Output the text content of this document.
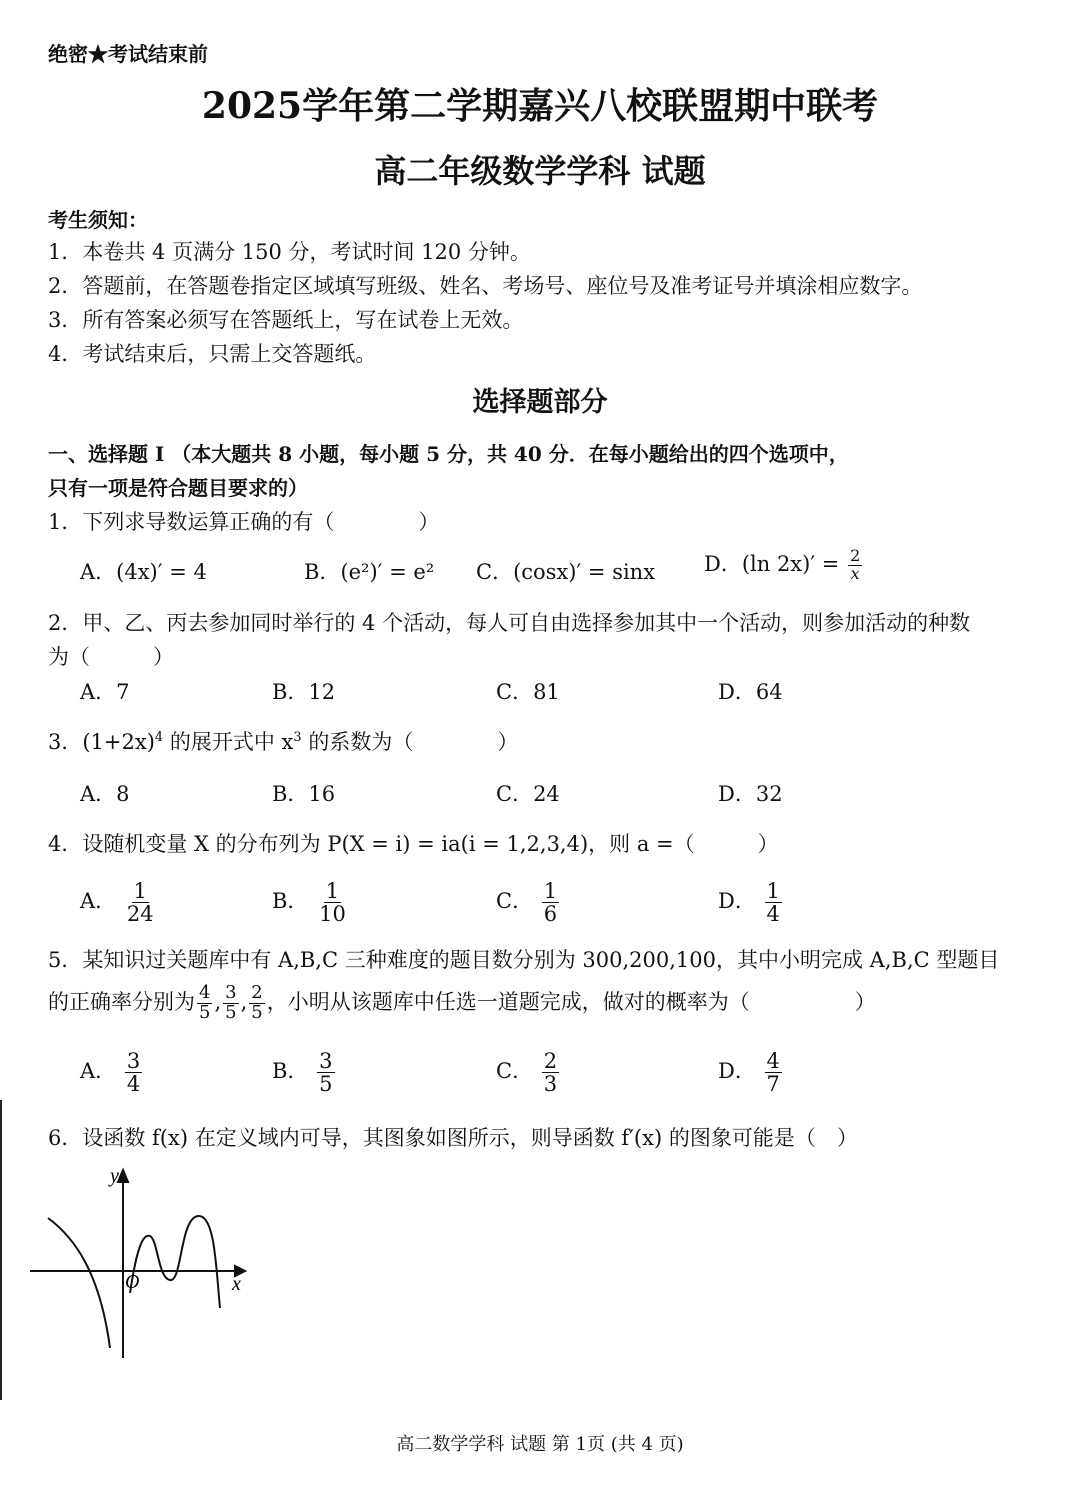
绝密★考试结束前
2025学年第二学期嘉兴八校联盟期中联考
高二年级数学学科 试题
考生须知：
1．本卷共 4 页满分 150 分，考试时间 120 分钟。
2．答题前，在答题卷指定区域填写班级、姓名、考场号、座位号及准考证号并填涂相应数字。
3．所有答案必须写在答题纸上，写在试卷上无效。
4．考试结束后，只需上交答题纸。
选择题部分
一、选择题 I （本大题共 8 小题，每小题 5 分，共 40 分．在每小题给出的四个选项中，
只有一项是符合题目要求的）
1．下列求导数运算正确的有（　　　　）
A．(4x)′ = 4	B．(e²)′ = e² C．(cosx)′ = sinx D．(ln $2x)' = \frac{2}{x}$
2．甲、乙、丙去参加同时举行的 4 个活动，每人可自由选择参加其中一个活动，则参加活动的种数
为（　　　）
A．7	B．12	C．81	D．64
3．$(1+2x)^4$ 的展开式中 $x^3$ 的系数为（　　　　）
A．8	B．16	C．24	D．32
4．设随机变量 X 的分布列为 P(X = i) = ia(i = 1,2,3,4)，则 a =（　　　）
A． $\frac{1}{24}$	B． $\frac{1}{10}$	C． $\frac{1}{6}$	D． $\frac{1}{4}$
5．某知识过关题库中有 A,B,C 三种难度的题目数分别为 300,200,100，其中小明完成 A,B,C 型题目
的正确率分别为 $\frac{4}{5}$ , $\frac{3}{5}$ , $\frac{2}{5}$ ，小明从该题库中任选一道题完成，做对的概率为（　　　　　）
A． $\frac{3}{4}$	B． $\frac{3}{5}$	C． $\frac{2}{3}$	D． $\frac{4}{7}$
6．设函数 f(x) 在定义域内可导，其图象如图所示，则导函数 f′(x) 的图象可能是（　）
y
x
O
高二数学学科 试题 第 1页 (共 4 页)
